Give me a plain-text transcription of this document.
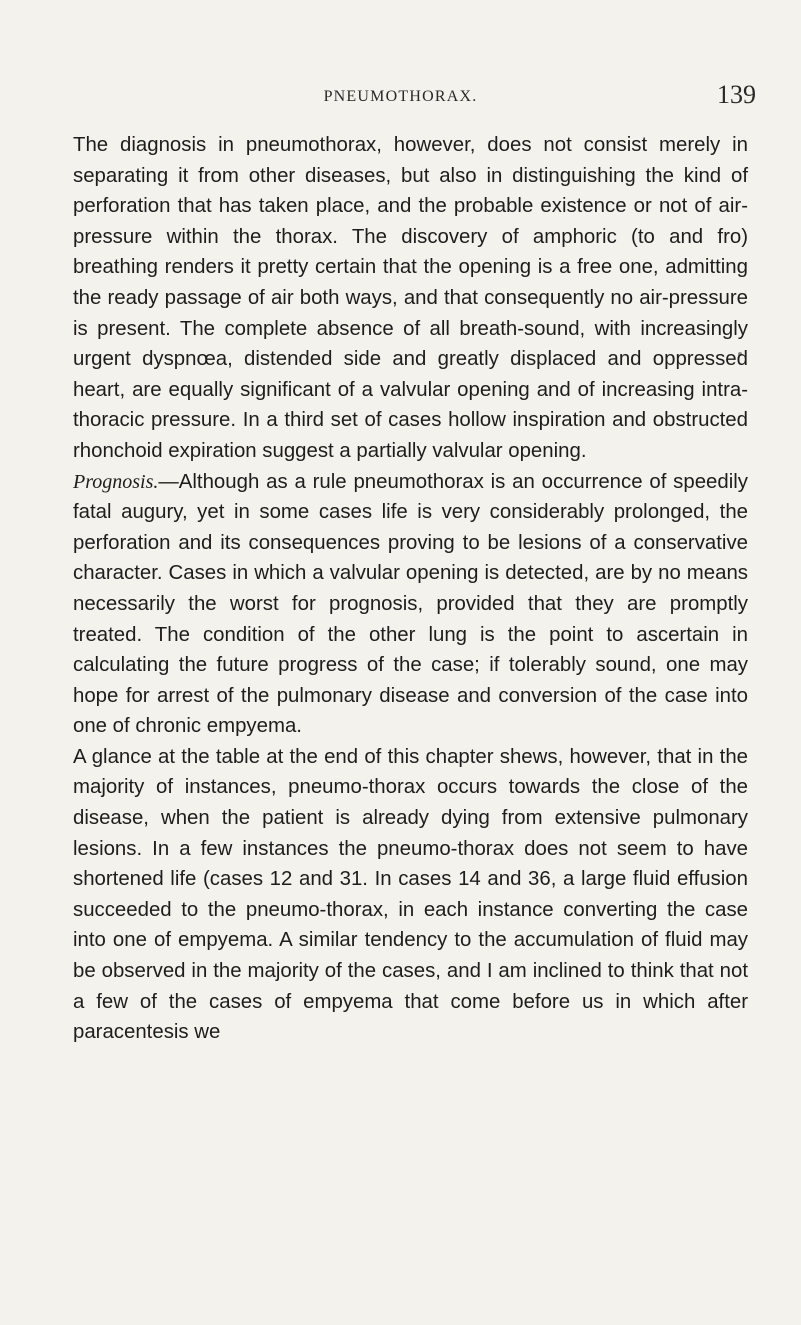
PNEUMOTHORAX.	139

The diagnosis in pneumothorax, however, does not consist merely in separating it from other diseases, but also in distinguishing the kind of perforation that has taken place, and the probable existence or not of air-pressure within the thorax. The discovery of amphoric (to and fro) breathing renders it pretty certain that the opening is a free one, admitting the ready passage of air both ways, and that consequently no air-pressure is present. The complete absence of all breath-sound, with increasingly urgent dyspnœa, distended side and greatly displaced and oppressed heart, are equally significant of a valvular opening and of increasing intra-thoracic pressure. In a third set of cases hollow inspiration and obstructed rhonchoid expiration suggest a partially valvular opening.

Prognosis.—Although as a rule pneumothorax is an occurrence of speedily fatal augury, yet in some cases life is very considerably prolonged, the perforation and its consequences proving to be lesions of a conservative character. Cases in which a valvular opening is detected, are by no means necessarily the worst for prognosis, provided that they are promptly treated. The condition of the other lung is the point to ascertain in calculating the future progress of the case; if tolerably sound, one may hope for arrest of the pulmonary disease and conversion of the case into one of chronic empyema.

A glance at the table at the end of this chapter shews, however, that in the majority of instances, pneumo-thorax occurs towards the close of the disease, when the patient is already dying from extensive pulmonary lesions. In a few instances the pneumo-thorax does not seem to have shortened life (cases 12 and 31. In cases 14 and 36, a large fluid effusion succeeded to the pneumo-thorax, in each instance converting the case into one of empyema. A similar tendency to the accumulation of fluid may be observed in the majority of the cases, and I am inclined to think that not a few of the cases of empyema that come before us in which after paracentesis we
